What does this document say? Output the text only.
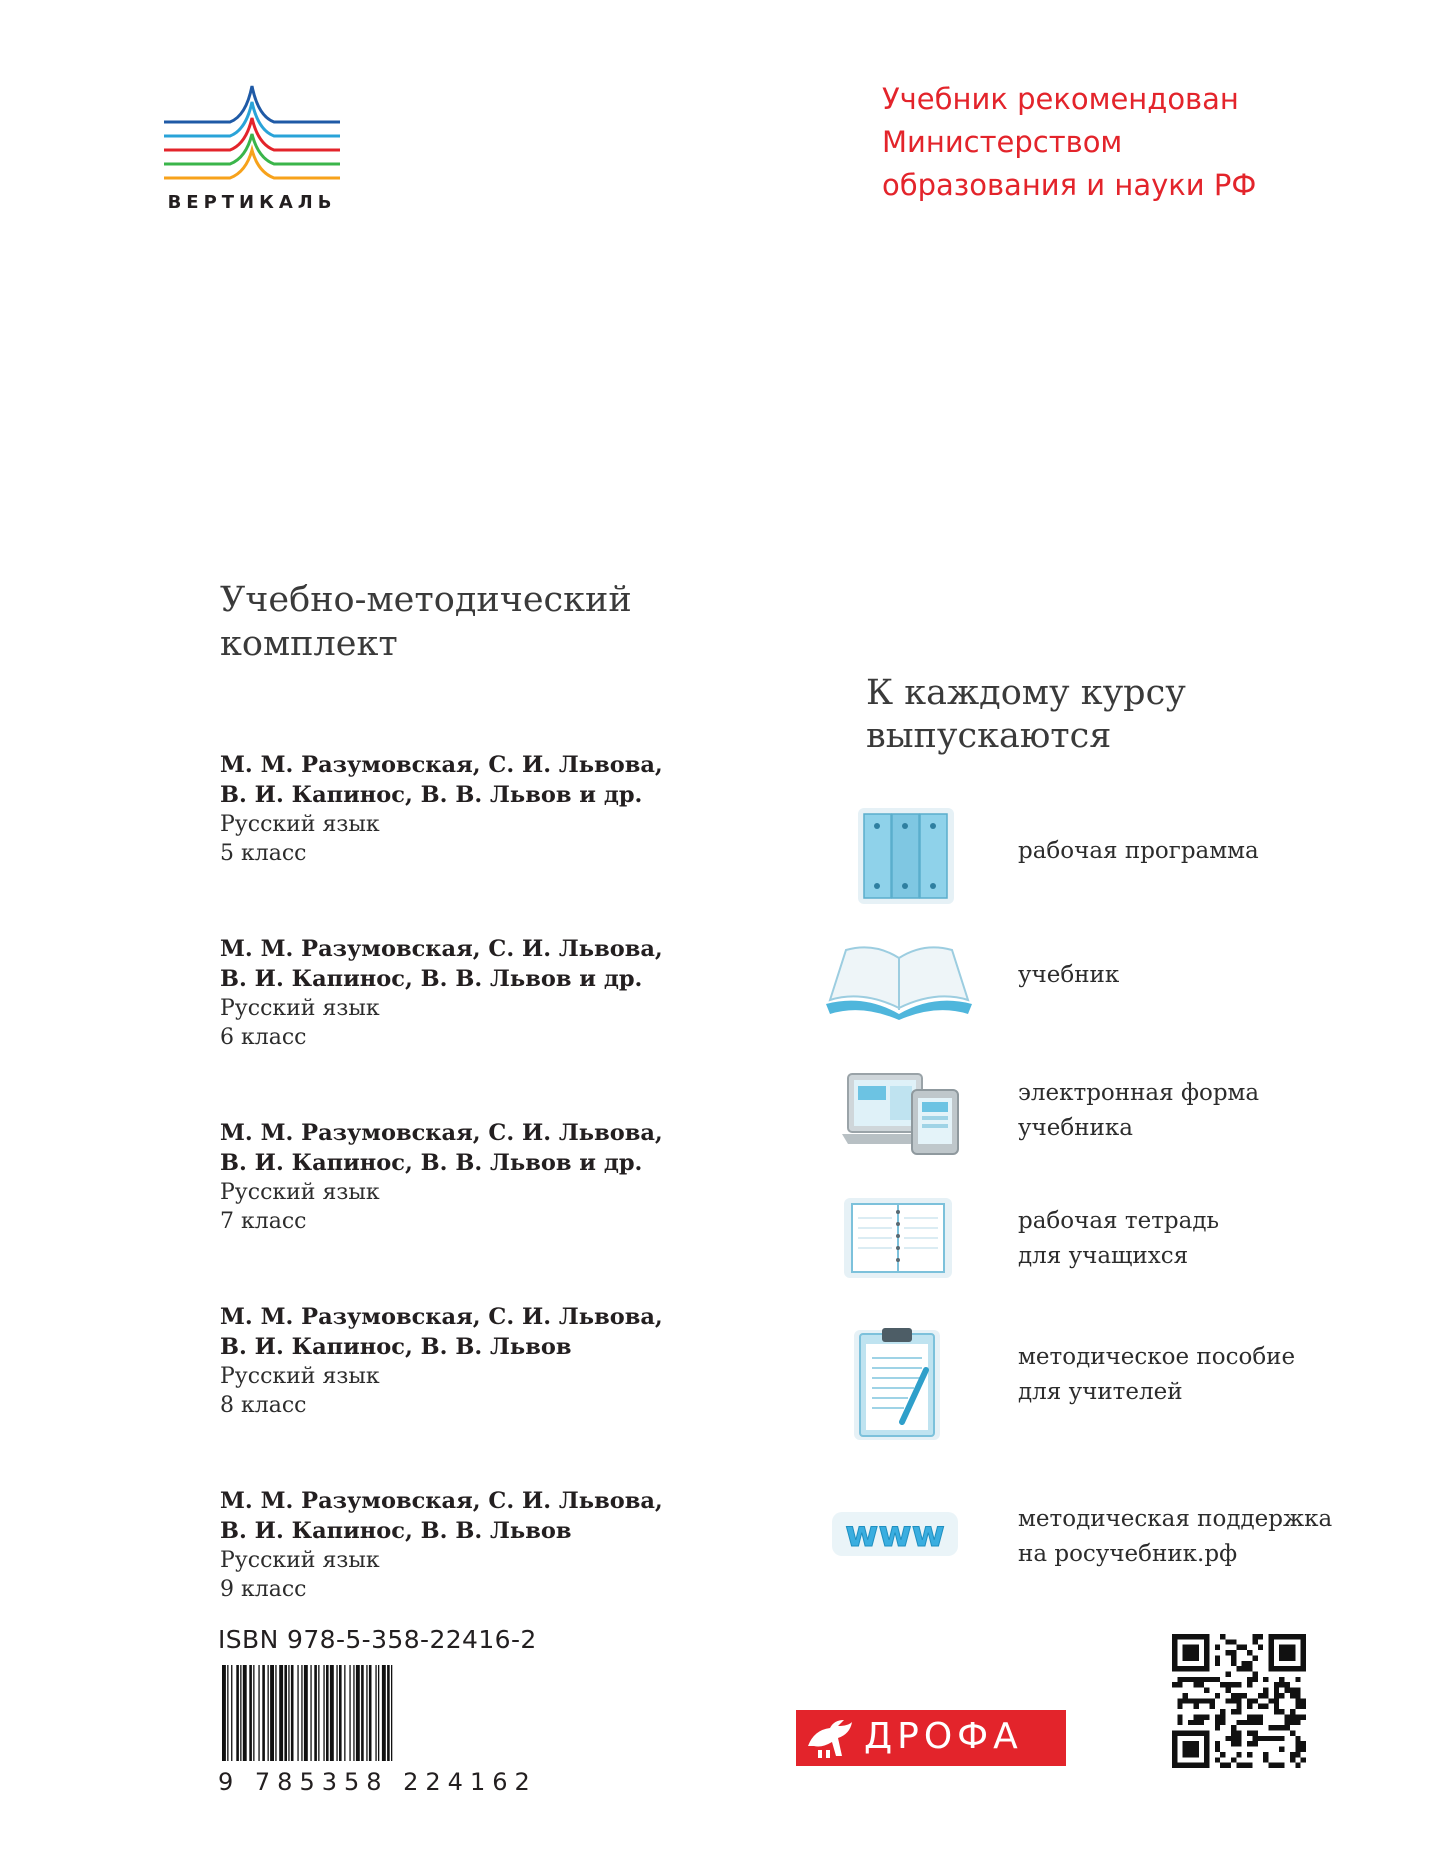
ВЕРТИКАЛЬ
Учебник рекомендован
Министерством
образования и науки РФ
Учебно-методический
комплект
М. М. Разумовская, С. И. Львова,
В. И. Капинос, В. В. Львов и др.
Русский язык
5 класс
М. М. Разумовская, С. И. Львова,
В. И. Капинос, В. В. Львов и др.
Русский язык
6 класс
М. М. Разумовская, С. И. Львова,
В. И. Капинос, В. В. Львов и др.
Русский язык
7 класс
М. М. Разумовская, С. И. Львова,
В. И. Капинос, В. В. Львов
Русский язык
8 класс
М. М. Разумовская, С. И. Львова,
В. И. Капинос, В. В. Львов
Русский язык
9 класс
К каждому курсу
выпускаются
рабочая программа
учебник
электронная форма
учебника
рабочая тетрадь
для учащихся
методическое пособие
для учителей
www	методическая поддержка
на росучебник.рф
ISBN 978-5-358-22416-2
9 785358 224162
ДРОФА
